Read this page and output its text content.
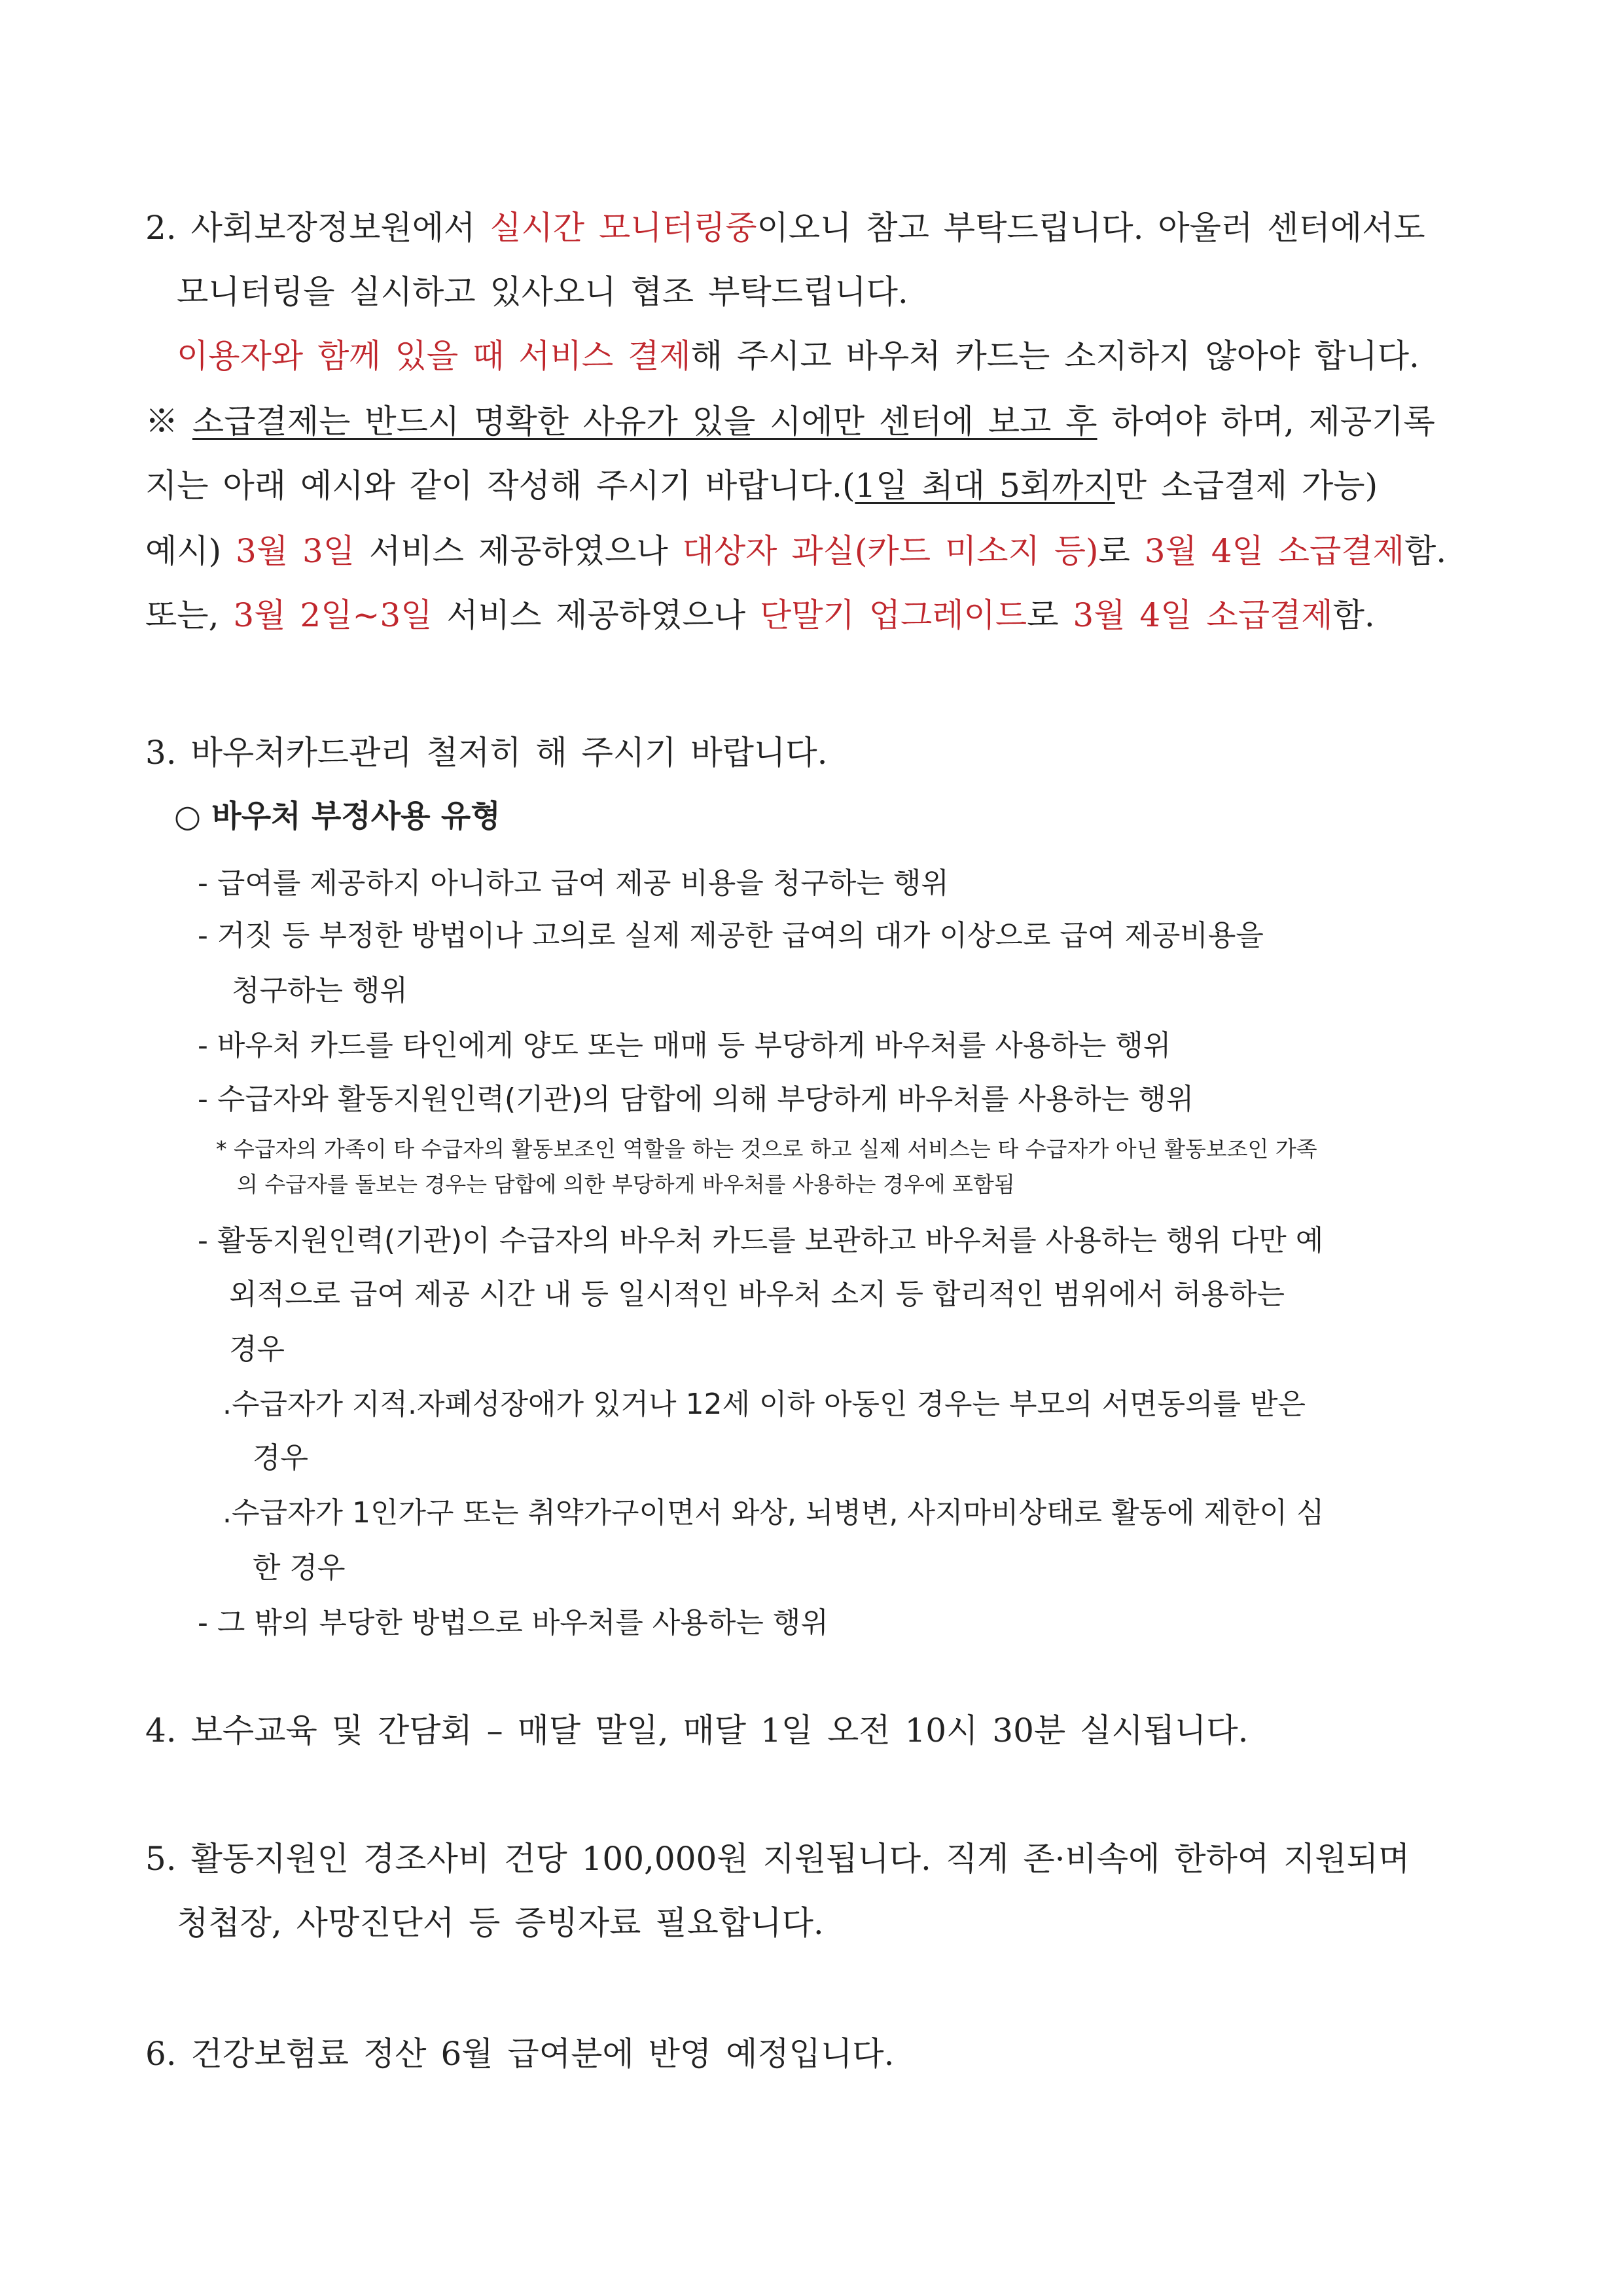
2. 사회보장정보원에서 실시간 모니터링중이오니 참고 부탁드립니다. 아울러 센터에서도
모니터링을 실시하고 있사오니 협조 부탁드립니다.
이용자와 함께 있을 때 서비스 결제해 주시고 바우처 카드는 소지하지 않아야 합니다.
※ 소급결제는 반드시 명확한 사유가 있을 시에만 센터에 보고 후 하여야 하며, 제공기록
지는 아래 예시와 같이 작성해 주시기 바랍니다.(1일 최대 5회까지만 소급결제 가능)
예시) 3월 3일 서비스 제공하였으나 대상자 과실(카드 미소지 등)로 3월 4일 소급결제함.
또는, 3월 2일~3일 서비스 제공하였으나 단말기 업그레이드로 3월 4일 소급결제함.
3. 바우처카드관리 철저히 해 주시기 바랍니다.
○ 바우처 부정사용 유형
- 급여를 제공하지 아니하고 급여 제공 비용을 청구하는 행위
- 거짓 등 부정한 방법이나 고의로 실제 제공한 급여의 대가 이상으로 급여 제공비용을
청구하는 행위
- 바우처 카드를 타인에게 양도 또는 매매 등 부당하게 바우처를 사용하는 행위
- 수급자와 활동지원인력(기관)의 담합에 의해 부당하게 바우처를 사용하는 행위
* 수급자의 가족이 타 수급자의 활동보조인 역할을 하는 것으로 하고 실제 서비스는 타 수급자가 아닌 활동보조인 가족
의 수급자를 돌보는 경우는 담합에 의한 부당하게 바우처를 사용하는 경우에 포함됨
- 활동지원인력(기관)이 수급자의 바우처 카드를 보관하고 바우처를 사용하는 행위 다만 예
외적으로 급여 제공 시간 내 등 일시적인 바우처 소지 등 합리적인 범위에서 허용하는
경우
.수급자가 지적.자폐성장애가 있거나 12세 이하 아동인 경우는 부모의 서면동의를 받은
경우
.수급자가 1인가구 또는 취약가구이면서 와상, 뇌병변, 사지마비상태로 활동에 제한이 심
한 경우
- 그 밖의 부당한 방법으로 바우처를 사용하는 행위
4. 보수교육 및 간담회 – 매달 말일, 매달 1일 오전 10시 30분 실시됩니다.
5. 활동지원인 경조사비 건당 100,000원 지원됩니다. 직계 존·비속에 한하여 지원되며
청첩장, 사망진단서 등 증빙자료 필요합니다.
6. 건강보험료 정산 6월 급여분에 반영 예정입니다.
